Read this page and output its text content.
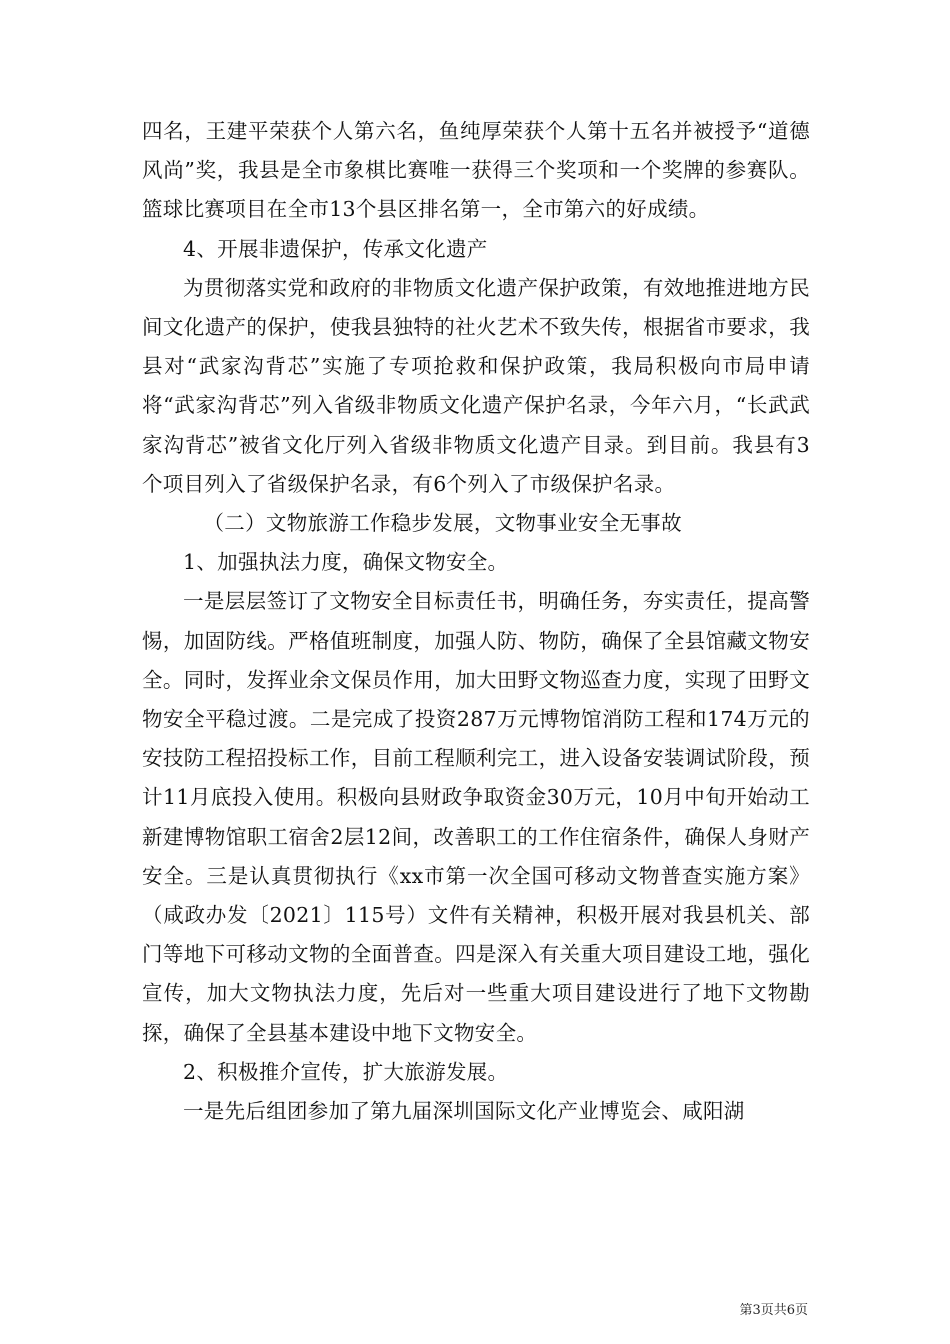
四名，王建平荣获个人第六名，鱼纯厚荣获个人第十五名并被授予“道德风尚”奖，我县是全市象棋比赛唯一获得三个奖项和一个奖牌的参赛队。篮球比赛项目在全市13个县区排名第一，全市第六的好成绩。

4、开展非遗保护，传承文化遗产

为贯彻落实党和政府的非物质文化遗产保护政策，有效地推进地方民间文化遗产的保护，使我县独特的社火艺术不致失传，根据省市要求，我县对“武家沟背芯”实施了专项抢救和保护政策，我局积极向市局申请将“武家沟背芯”列入省级非物质文化遗产保护名录，今年六月，“长武武家沟背芯”被省文化厅列入省级非物质文化遗产目录。到目前。我县有3个项目列入了省级保护名录，有6个列入了市级保护名录。

（二）文物旅游工作稳步发展，文物事业安全无事故

1、加强执法力度，确保文物安全。

一是层层签订了文物安全目标责任书，明确任务，夯实责任，提高警惕，加固防线。严格值班制度，加强人防、物防，确保了全县馆藏文物安全。同时，发挥业余文保员作用，加大田野文物巡查力度，实现了田野文物安全平稳过渡。二是完成了投资287万元博物馆消防工程和174万元的安技防工程招投标工作，目前工程顺利完工，进入设备安装调试阶段，预计11月底投入使用。积极向县财政争取资金30万元，10月中旬开始动工新建博物馆职工宿舍2层12间，改善职工的工作住宿条件，确保人身财产安全。三是认真贯彻执行《xx市第一次全国可移动文物普查实施方案》（咸政办发〔2021〕115号）文件有关精神，积极开展对我县机关、部门等地下可移动文物的全面普查。四是深入有关重大项目建设工地，强化宣传，加大文物执法力度，先后对一些重大项目建设进行了地下文物勘探，确保了全县基本建设中地下文物安全。

2、积极推介宣传，扩大旅游发展。

一是先后组团参加了第九届深圳国际文化产业博览会、咸阳湖

第3页共6页
